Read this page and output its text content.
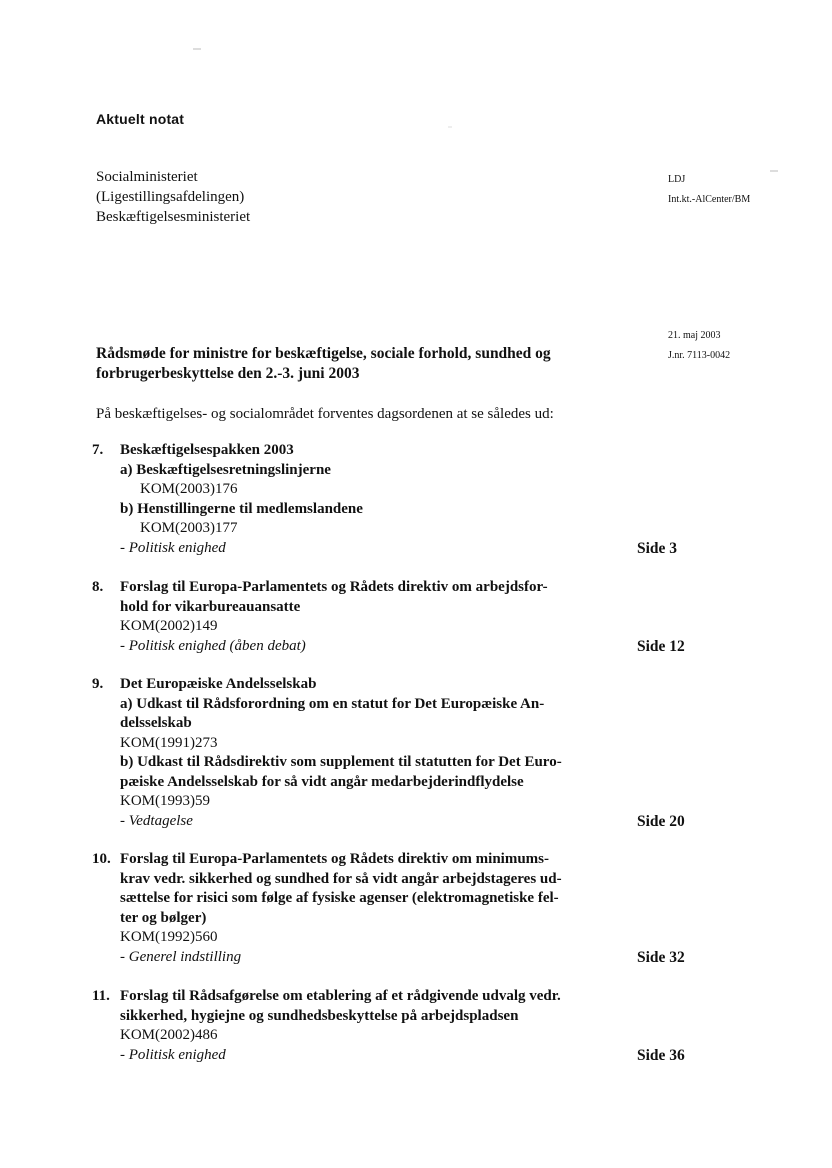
Aktuelt notat
Socialministeriet
(Ligestillingsafdelingen)
Beskæftigelsesministeriet
LDJ
Int.kt.-AlCenter/BM
21. maj 2003
J.nr. 7113-0042
Rådsmøde for ministre for beskæftigelse, sociale forhold, sundhed og forbrugerbeskyttelse den 2.-3. juni 2003
På beskæftigelses- og socialområdet forventes dagsordenen at se således ud:
7. Beskæftigelsespakken 2003
a) Beskæftigelsesretningslinjerne
KOM(2003)176
b) Henstillingerne til medlemslandene
KOM(2003)177
- Politisk enighed	Side 3
8. Forslag til Europa-Parlamentets og Rådets direktiv om arbejdsfor-
hold for vikarbureauansatte
KOM(2002)149
- Politisk enighed (åben debat)	Side 12
9. Det Europæiske Andelsselskab
a) Udkast til Rådsforordning om en statut for Det Europæiske An-
delsselskab
KOM(1991)273
b) Udkast til Rådsdirektiv som supplement til statutten for Det Euro-
pæiske Andelsselskab for så vidt angår medarbejderindflydelse
KOM(1993)59
- Vedtagelse	Side 20
10. Forslag til Europa-Parlamentets og Rådets direktiv om minimums-
krav vedr. sikkerhed og sundhed for så vidt angår arbejdstageres ud-
sættelse for risici som følge af fysiske agenser (elektromagnetiske fel-
ter og bølger)
KOM(1992)560
- Generel indstilling	Side 32
11. Forslag til Rådsafgørelse om etablering af et rådgivende udvalg vedr.
sikkerhed, hygiejne og sundhedsbeskyttelse på arbejdspladsen
KOM(2002)486
- Politisk enighed	Side 36
